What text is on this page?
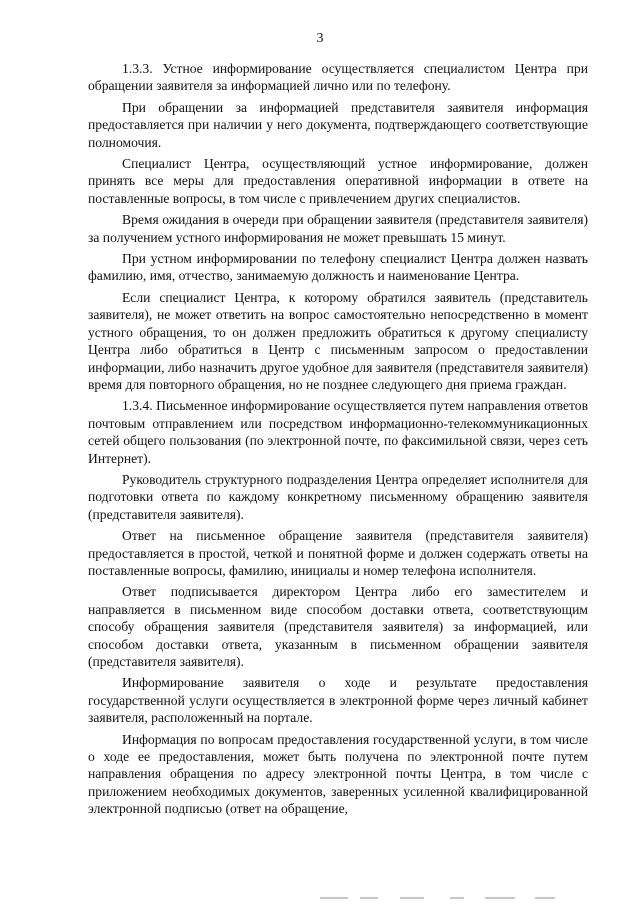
3

1.3.3. Устное информирование осуществляется специалистом Центра при обращении заявителя за информацией лично или по телефону.

При обращении за информацией представителя заявителя информация предоставляется при наличии у него документа, подтверждающего соответствующие полномочия.

Специалист Центра, осуществляющий устное информирование, должен принять все меры для предоставления оперативной информации в ответе на поставленные вопросы, в том числе с привлечением других специалистов.

Время ожидания в очереди при обращении заявителя (представителя заявителя) за получением устного информирования не может превышать 15 минут.

При устном информировании по телефону специалист Центра должен назвать фамилию, имя, отчество, занимаемую должность и наименование Центра.

Если специалист Центра, к которому обратился заявитель (представитель заявителя), не может ответить на вопрос самостоятельно непосредственно в момент устного обращения, то он должен предложить обратиться к другому специалисту Центра либо обратиться в Центр с письменным запросом о предоставлении информации, либо назначить другое удобное для заявителя (представителя заявителя) время для повторного обращения, но не позднее следующего дня приема граждан.

1.3.4. Письменное информирование осуществляется путем направления ответов почтовым отправлением или посредством информационно-телекоммуникационных сетей общего пользования (по электронной почте, по факсимильной связи, через сеть Интернет).

Руководитель структурного подразделения Центра определяет исполнителя для подготовки ответа по каждому конкретному письменному обращению заявителя (представителя заявителя).

Ответ на письменное обращение заявителя (представителя заявителя) предоставляется в простой, четкой и понятной форме и должен содержать ответы на поставленные вопросы, фамилию, инициалы и номер телефона исполнителя.

Ответ подписывается директором Центра либо его заместителем и направляется в письменном виде способом доставки ответа, соответствующим способу обращения заявителя (представителя заявителя) за информацией, или способом доставки ответа, указанным в письменном обращении заявителя (представителя заявителя).

Информирование заявителя о ходе и результате предоставления государственной услуги осуществляется в электронной форме через личный кабинет заявителя, расположенный на портале.

Информация по вопросам предоставления государственной услуги, в том числе о ходе ее предоставления, может быть получена по электронной почте путем направления обращения по адресу электронной почты Центра, в том числе с приложением необходимых документов, заверенных усиленной квалифицированной электронной подписью (ответ на обращение,
